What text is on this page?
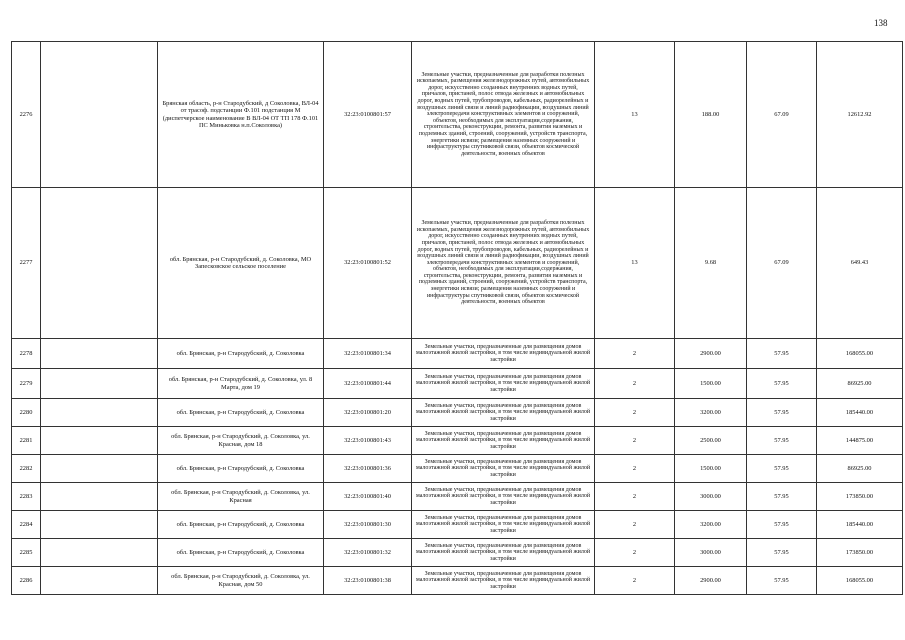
138
2276		Брянская область, р-н Стародубский, д Соколовка, ВЛ-04 от трасоф. подстанции Ф.101 подстанция М (диспетчерское наименование В ВЛ-04 ОТ ТП 178 Ф.101 ПС Миньковка н.п.Соколовка)	32:23:0100801:57	Земельные участки, предназначенные для разработки полезных ископаемых, размещения железнодорожных путей, автомобильных дорог, искусственно созданных внутренних водных путей, причалов, пристаней, полос отвода железных и автомобильных дорог, водных путей, трубопроводов, кабельных, радиорелейных и воздушных линий связи и линий радиофикации, воздушных линий электропередачи конструктивных элементов и сооружений, объектов, необходимых для эксплуатации,содержания, строительства, реконструкции, ремонта, развития наземных и подземных зданий, строений, сооружений, устройств транспорта, энергетики исвязи; размещения наземных сооружений и инфраструктуры спутниковой связи, объектов космической деятельности, военных объектов	13	188.00	67.09	12612.92
2277		обл. Брянская, р-н Стародубский, д. Соколовка, МО Запесковское сельское поселение	32:23:0100801:52	Земельные участки, предназначенные для разработки полезных ископаемых, размещения железнодорожных путей, автомобильных дорог, искусственно созданных внутренних водных путей, причалов, пристаней, полос отвода железных и автомобильных дорог, водных путей, трубопроводов, кабельных, радиорелейных и воздушных линий связи и линий радиофикации, воздушных линий электропередачи конструктивных элементов и сооружений, объектов, необходимых для эксплуатации,содержания, строительства, реконструкции, ремонта, развития наземных и подземных зданий, строений, сооружений, устройств транспорта, энергетики исвязи; размещения наземных сооружений и инфраструктуры спутниковой связи, объектов космической деятельности, военных объектов	13	9.68	67.09	649.43
2278		обл. Брянская, р-н Стародубский, д. Соколовка	32:23:0100801:34	Земельные участки, предназначенные для размещения домов малоэтажной жилой застройки, в том числе индивидуальной жилой застройки	2	2900.00	57.95	168055.00
2279		обл. Брянская, р-н Стародубский, д. Соколовка, ул. 8 Марта, дом 19	32:23:0100801:44	Земельные участки, предназначенные для размещения домов малоэтажной жилой застройки, в том числе индивидуальной жилой застройки	2	1500.00	57.95	86925.00
2280		обл. Брянская, р-н Стародубский, д. Соколовка	32:23:0100801:20	Земельные участки, предназначенные для размещения домов малоэтажной жилой застройки, в том числе индивидуальной жилой застройки	2	3200.00	57.95	185440.00
2281		обл. Брянская, р-н Стародубский, д. Соколовка, ул. Красная, дом 18	32:23:0100801:43	Земельные участки, предназначенные для размещения домов малоэтажной жилой застройки, в том числе индивидуальной жилой застройки	2	2500.00	57.95	144875.00
2282		обл. Брянская, р-н Стародубский, д. Соколовка	32:23:0100801:36	Земельные участки, предназначенные для размещения домов малоэтажной жилой застройки, в том числе индивидуальной жилой застройки	2	1500.00	57.95	86925.00
2283		обл. Брянская, р-н Стародубский, д. Соколовка, ул. Красная	32:23:0100801:40	Земельные участки, предназначенные для размещения домов малоэтажной жилой застройки, в том числе индивидуальной жилой застройки	2	3000.00	57.95	173850.00
2284		обл. Брянская, р-н Стародубский, д. Соколовка	32:23:0100801:30	Земельные участки, предназначенные для размещения домов малоэтажной жилой застройки, в том числе индивидуальной жилой застройки	2	3200.00	57.95	185440.00
2285		обл. Брянская, р-н Стародубский, д. Соколовка	32:23:0100801:32	Земельные участки, предназначенные для размещения домов малоэтажной жилой застройки, в том числе индивидуальной жилой застройки	2	3000.00	57.95	173850.00
2286		обл. Брянская, р-н Стародубский, д. Соколовка, ул. Красная, дом 50	32:23:0100801:38	Земельные участки, предназначенные для размещения домов малоэтажной жилой застройки, в том числе индивидуальной жилой застройки	2	2900.00	57.95	168055.00
